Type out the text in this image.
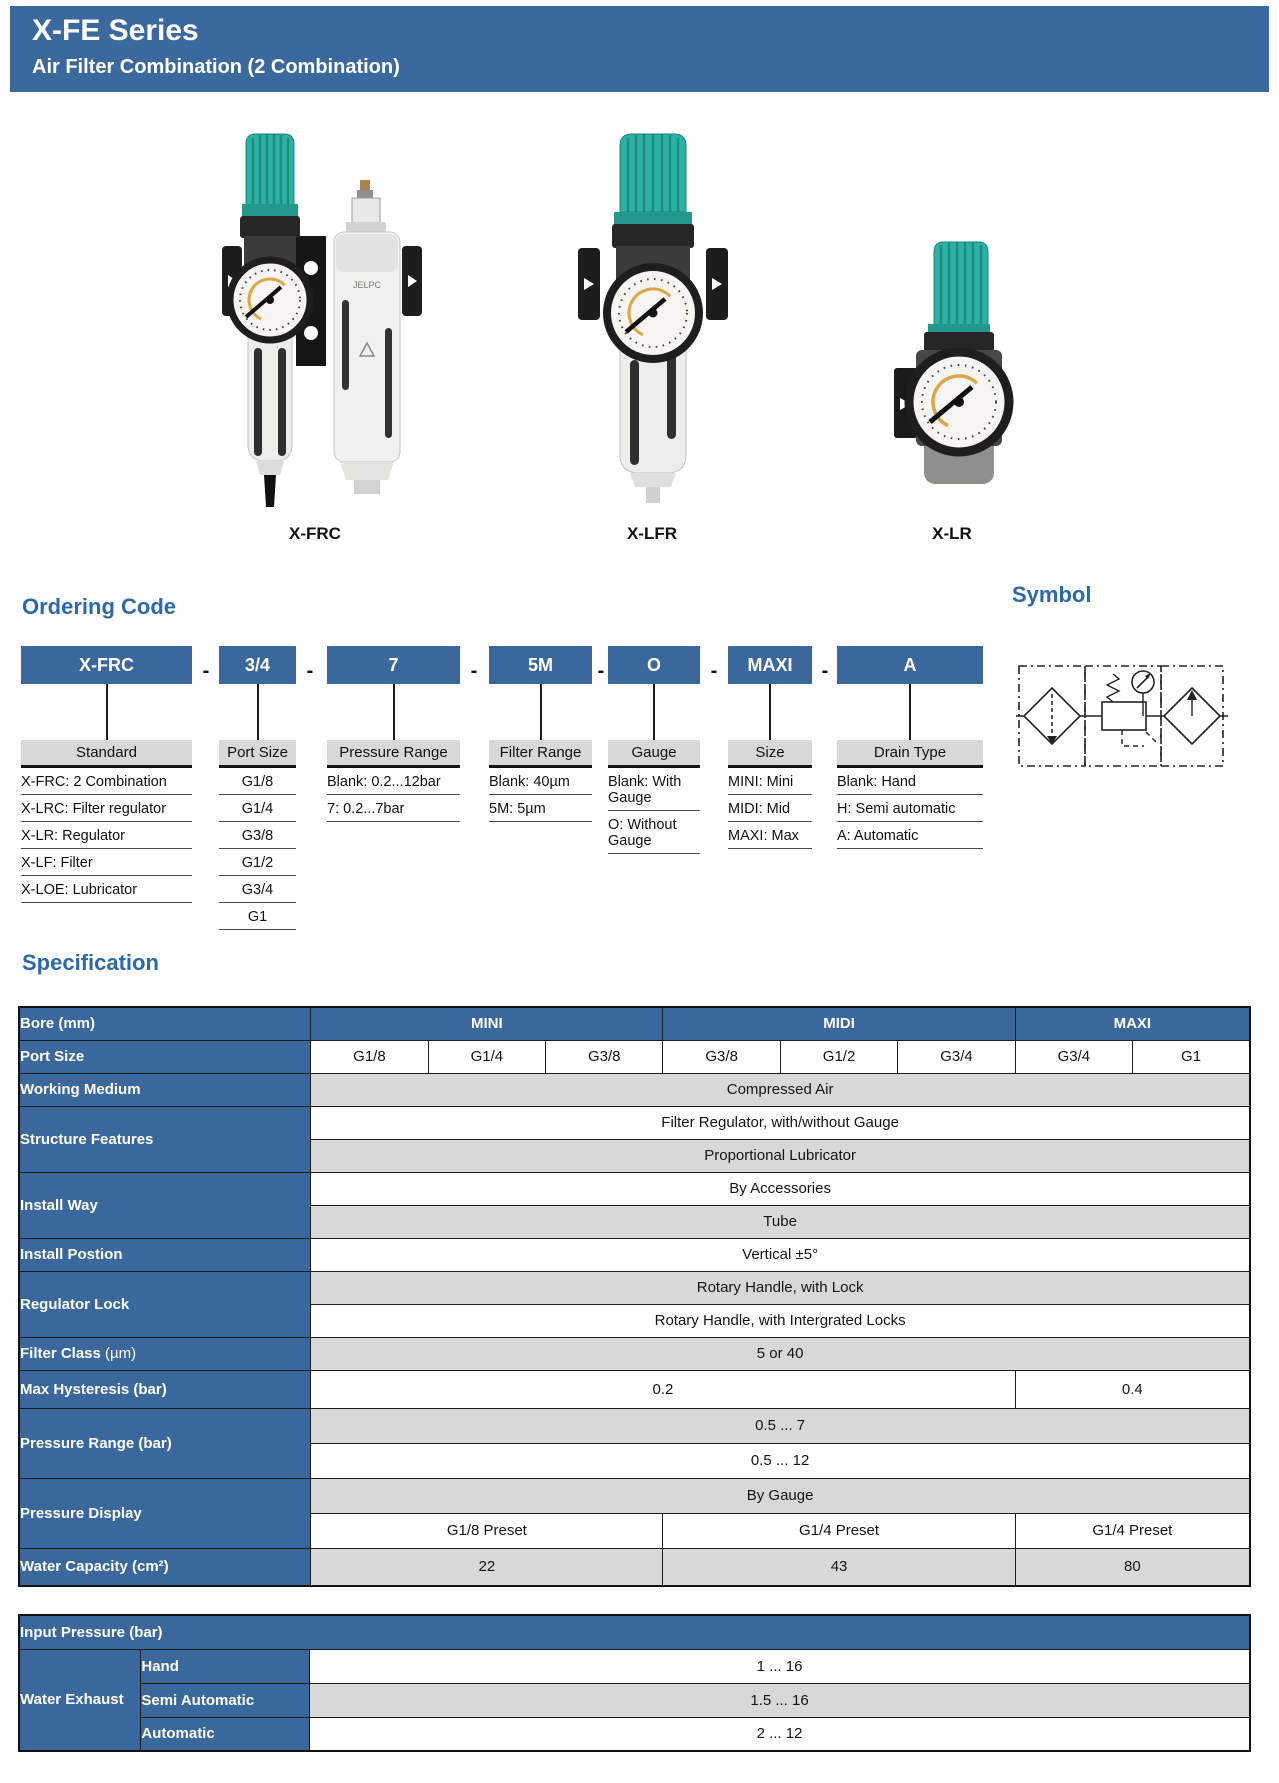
X-FE Series
Air Filter Combination (2 Combination)
JELPC
X-FRC	X-LFR	X-LR
Ordering Code
X-FRC
Standard
X-FRC: 2 Combination
X-LRC: Filter regulator
X-LR: Regulator
X-LF: Filter
X-LOE: Lubricator
-	3/4
Port Size
G1/8
G1/4
G3/8
G1/2
G3/4
G1
-	7
Pressure Range
Blank: 0.2...12bar
7: 0.2...7bar
-	5M
Filter Range
Blank: 40µm
5M: 5µm
-	O
Gauge
Blank: With Gauge
O: Without Gauge
-	MAXI
Size
MINI: Mini
MIDI: Mid
MAXI: Max
-	A
Drain Type
Blank: Hand
H: Semi automatic
A: Automatic
Symbol
Specification
Bore (mm)	MINI			MIDI			MAXI	
Port Size	G1/8	G1/4	G3/8	G3/8	G1/2	G3/4	G3/4	G1
Working Medium	Compressed Air							
Structure Features	Filter Regulator, with/without Gauge							
	Proportional Lubricator							
Install Way	By Accessories							
	Tube							
Install Postion	Vertical ±5°							
Regulator Lock	Rotary Handle, with Lock							
	Rotary Handle, with Intergrated Locks							
Filter Class (µm)	5 or 40							
Max Hysteresis (bar)	0.2						0.4	
Pressure Range (bar)	0.5 ... 7							
	0.5 ... 12							
Pressure Display	By Gauge							
	G1/8 Preset			G1/4 Preset			G1/4 Preset	
Water Capacity (cm²)	22			43			80	
Input Pressure (bar)		
Water Exhaust	Hand	1 ... 16
	Semi Automatic	1.5 ... 16
	Automatic	2 ... 12
